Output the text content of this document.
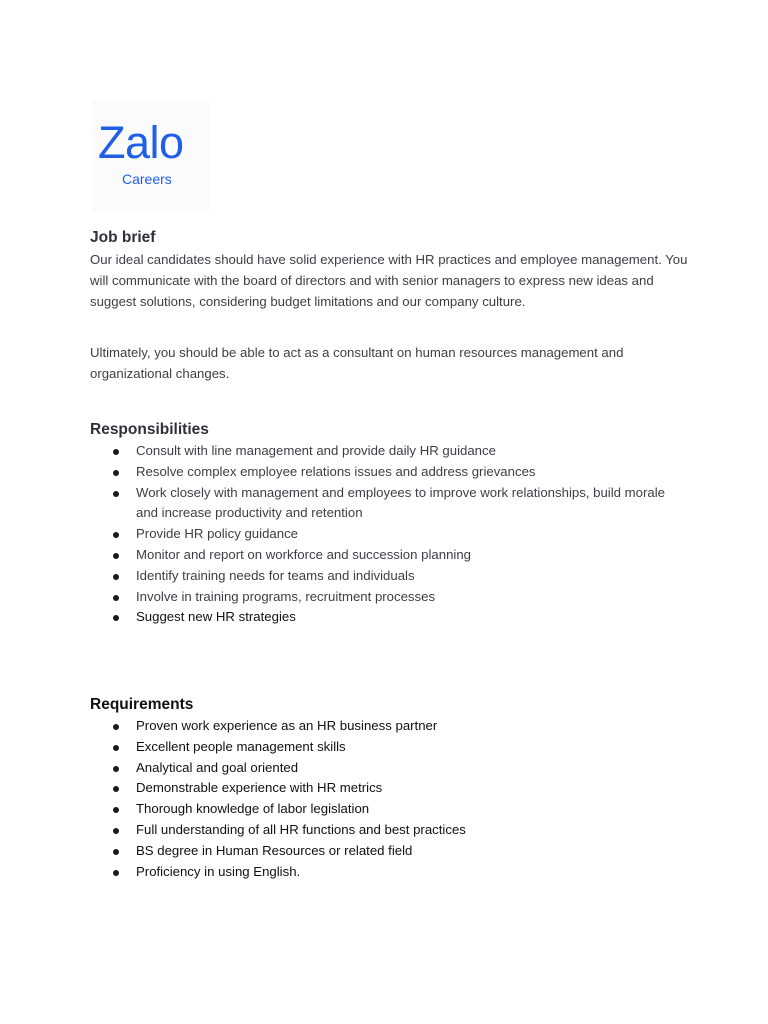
Zalo
Careers
Job brief

Our ideal candidates should have solid experience with HR practices and employee management. You will communicate with the board of directors and with senior managers to express new ideas and suggest solutions, considering budget limitations and our company culture.

Ultimately, you should be able to act as a consultant on human resources management and organizational changes.

Responsibilities
Consult with line management and provide daily HR guidance
Resolve complex employee relations issues and address grievances
Work closely with management and employees to improve work relationships, build morale and increase productivity and retention
Provide HR policy guidance
Monitor and report on workforce and succession planning
Identify training needs for teams and individuals
Involve in training programs, recruitment processes
Suggest new HR strategies
Requirements
Proven work experience as an HR business partner
Excellent people management skills
Analytical and goal oriented
Demonstrable experience with HR metrics
Thorough knowledge of labor legislation
Full understanding of all HR functions and best practices
BS degree in Human Resources or related field
Proficiency in using English.
